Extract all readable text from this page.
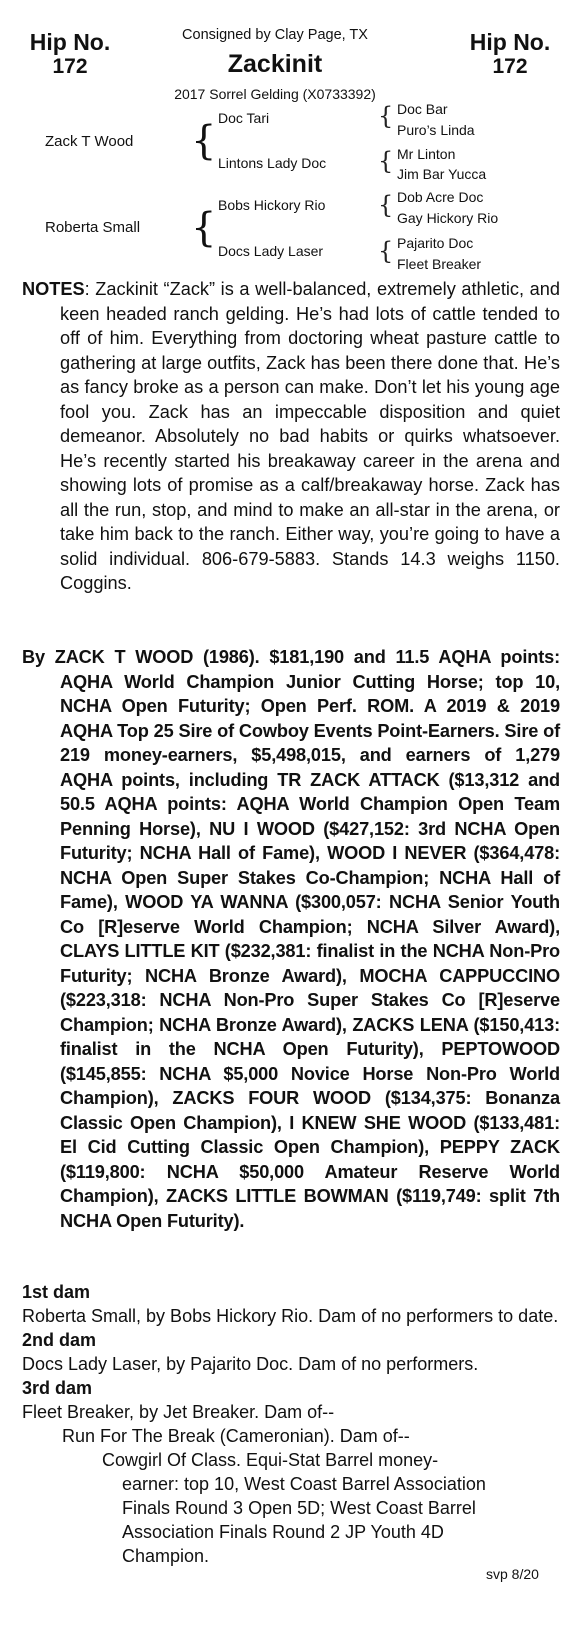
Hip No.
172
Hip No.
172
Consigned by Clay Page, TX
Zackinit
2017 Sorrel Gelding (X0733392)
Zack T Wood { Doc Tari
Lintons Lady Doc
{ Doc Bar
Puro’s Linda
{ Mr Linton
Jim Bar Yucca
Roberta Small { Bobs Hickory Rio
Docs Lady Laser
{ Dob Acre Doc
Gay Hickory Rio
{ Pajarito Doc
Fleet Breaker

NOTES: Zackinit “Zack” is a well-balanced, extremely athletic, and keen headed ranch gelding. He’s had lots of cattle tended to off of him. Everything from doctoring wheat pasture cattle to gathering at large outfits, Zack has been there done that. He’s as fancy broke as a person can make. Don’t let his young age fool you. Zack has an impeccable disposition and quiet demeanor. Absolutely no bad habits or quirks whatsoever. He’s recently started his breakaway career in the arena and showing lots of promise as a calf/breakaway horse. Zack has all the run, stop, and mind to make an all-star in the arena, or take him back to the ranch. Either way, you’re going to have a solid individual. 806-679-5883. Stands 14.3 weighs 1150. Coggins.

By ZACK T WOOD (1986). $181,190 and 11.5 AQHA points: AQHA World Champion Junior Cutting Horse; top 10, NCHA Open Futurity; Open Perf. ROM. A 2019 & 2019 AQHA Top 25 Sire of Cowboy Events Point-Earners. Sire of 219 money-earners, $5,498,015, and earners of 1,279 AQHA points, including TR ZACK ATTACK ($13,312 and 50.5 AQHA points: AQHA World Champion Open Team Penning Horse), NU I WOOD ($427,152: 3rd NCHA Open Futurity; NCHA Hall of Fame), WOOD I NEVER ($364,478: NCHA Open Super Stakes Co-Champion; NCHA Hall of Fame), WOOD YA WANNA ($300,057: NCHA Senior Youth Co [R]eserve World Champion; NCHA Silver Award), CLAYS LITTLE KIT ($232,381: finalist in the NCHA Non-Pro Futurity; NCHA Bronze Award), MOCHA CAPPUCCINO ($223,318: NCHA Non-Pro Super Stakes Co [R]eserve Champion; NCHA Bronze Award), ZACKS LENA ($150,413: finalist in the NCHA Open Futurity), PEPTOWOOD ($145,855: NCHA $5,000 Novice Horse Non-Pro World Champion), ZACKS FOUR WOOD ($134,375: Bonanza Classic Open Champion), I KNEW SHE WOOD ($133,481: El Cid Cutting Classic Open Champion), PEPPY ZACK ($119,800: NCHA $50,000 Amateur Reserve World Champion), ZACKS LITTLE BOWMAN ($119,749: split 7th NCHA Open Futurity).

1st dam

Roberta Small, by Bobs Hickory Rio. Dam of no performers to date.

2nd dam

Docs Lady Laser, by Pajarito Doc. Dam of no performers.

3rd dam

Fleet Breaker, by Jet Breaker. Dam of--

Run For The Break (Cameronian). Dam of--

Cowgirl Of Class. Equi-Stat Barrel money-earner: top 10, West Coast Barrel Association Finals Round 3 Open 5D; West Coast Barrel Association Finals Round 2 JP Youth 4D Champion.

svp 8/20
